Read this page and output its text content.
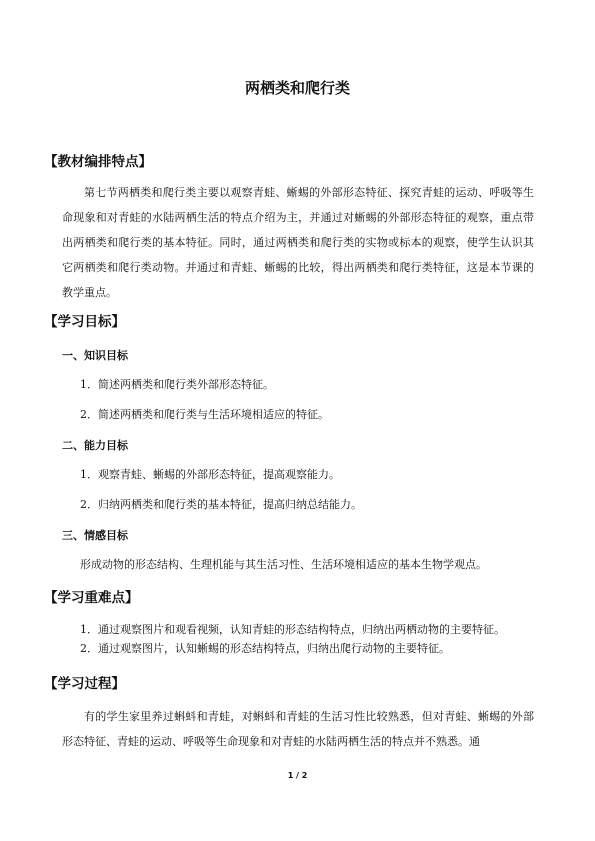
两栖类和爬行类
【教材编排特点】

第七节两栖类和爬行类主要以观察青蛙、蜥蜴的外部形态特征、探究青蛙的运动、呼吸等生命现象和对青蛙的水陆两栖生活的特点介绍为主，并通过对蜥蜴的外部形态特征的观察，重点带出两栖类和爬行类的基本特征。同时，通过两栖类和爬行类的实物或标本的观察，使学生认识其它两栖类和爬行类动物。并通过和青蛙、蜥蜴的比较，得出两栖类和爬行类特征，这是本节课的教学重点。

【学习目标】
一、知识目标
1．简述两栖类和爬行类外部形态特征。
2．简述两栖类和爬行类与生活环境相适应的特征。
二、能力目标
1．观察青蛙、蜥蜴的外部形态特征，提高观察能力。
2．归纳两栖类和爬行类的基本特征，提高归纳总结能力。
三、情感目标
形成动物的形态结构、生理机能与其生活习性、生活环境相适应的基本生物学观点。
【学习重难点】
1．通过观察图片和观看视频，认知青蛙的形态结构特点，归纳出两栖动物的主要特征。
2．通过观察图片，认知蜥蜴的形态结构特点，归纳出爬行动物的主要特征。
【学习过程】

有的学生家里养过蝌蚪和青蛙，对蝌蚪和青蛙的生活习性比较熟悉，但对青蛙、蜥蜴的外部形态特征、青蛙的运动、呼吸等生命现象和对青蛙的水陆两栖生活的特点并不熟悉。通

1 / 2
